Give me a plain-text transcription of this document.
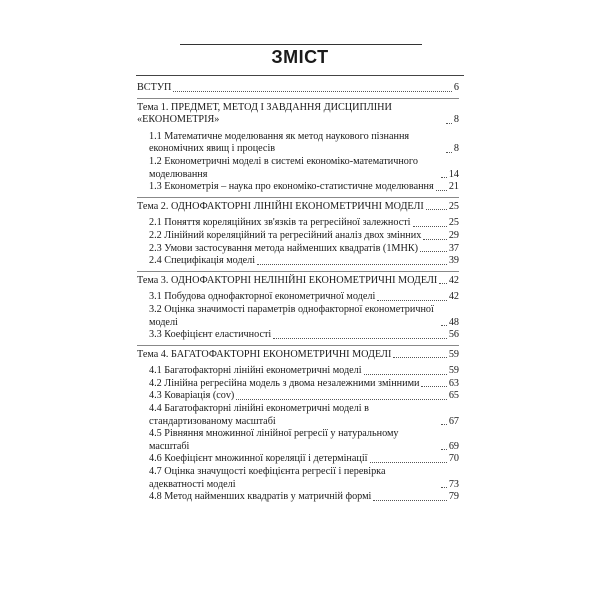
ЗМІСТ
ВСТУП	6
Тема 1. ПРЕДМЕТ, МЕТОД І ЗАВДАННЯ ДИСЦИПЛІНИ «ЕКОНОМЕТРІЯ»	8
1.1 Математичне моделювання як метод наукового пізнання економічних явищ і процесів	8
1.2 Економетричні моделі в системі економіко-математичного моделювання	14
1.3 Економетрія – наука про економіко-статистичне моделювання 21
Тема 2. ОДНОФАКТОРНІ ЛІНІЙНІ ЕКОНОМЕТРИЧНІ МОДЕЛІ 25
2.1 Поняття кореляційних зв'язків та регресійної залежності	25
2.2 Лінійний кореляційний та регресійний аналіз двох змінних	29
2.3 Умови застосування метода найменших квадратів (1МНК)	37
2.4 Специфікація моделі	39
Тема 3. ОДНОФАКТОРНІ НЕЛІНІЙНІ ЕКОНОМЕТРИЧНІ МОДЕЛІ 42
3.1 Побудова однофакторної економетричної моделі	42
3.2 Оцінка значимості параметрів однофакторної економетричної моделі	48
3.3 Коефіцієнт еластичності	56
Тема 4. БАГАТОФАКТОРНІ ЕКОНОМЕТРИЧНІ МОДЕЛІ	59
4.1 Багатофакторні лінійні економетричні моделі	59
4.2 Лінійна регресійна модель з двома незалежними змінними	63
4.3 Коваріація (cov)	65
4.4 Багатофакторні лінійні економетричні моделі в стандартизованому масштабі	67
4.5 Рівняння множинної лінійної регресії у натуральному масштабі	69
4.6 Коефіцієнт множинної кореляції і детермінації	70
4.7 Оцінка значущості коефіцієнта регресії і перевірка адекватності моделі	73
4.8 Метод найменших квадратів у матричній формі	79
